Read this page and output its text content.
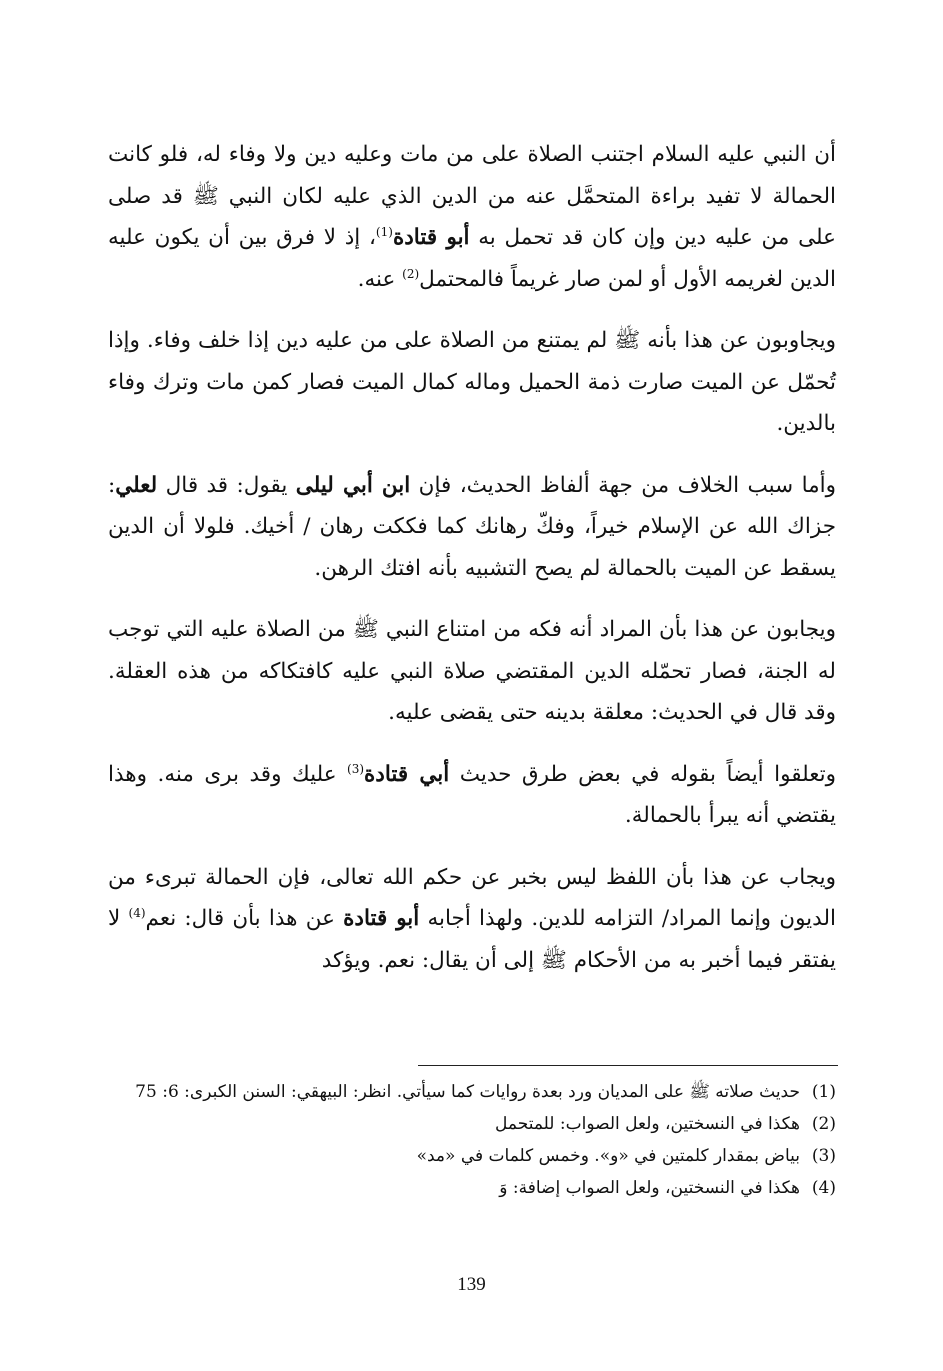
أن النبي عليه السلام اجتنب الصلاة على من مات وعليه دين ولا وفاء له، فلو كانت الحمالة لا تفيد براءة المتحمَّل عنه من الدين الذي عليه لكان النبي ﷺ قد صلى على من عليه دين وإن كان قد تحمل به أبو قتادة$^{(1)}$، إذ لا فرق بين أن يكون عليه الدين لغريمه الأول أو لمن صار غريماً فالمحتمل$^{(2)}$ عنه.

ويجاوبون عن هذا بأنه ﷺ لم يمتنع من الصلاة على من عليه دين إذا خلف وفاء. وإذا تُحمّل عن الميت صارت ذمة الحميل وماله كمال الميت فصار كمن مات وترك وفاء بالدين.

وأما سبب الخلاف من جهة ألفاظ الحديث، فإن ابن أبي ليلى يقول: قد قال لعلي: جزاك الله عن الإسلام خيراً، وفكّ رهانك كما فككت رهان / أخيك. فلولا أن الدين يسقط عن الميت بالحمالة لم يصح التشبيه بأنه افتك الرهن.

ويجابون عن هذا بأن المراد أنه فكه من امتناع النبي ﷺ من الصلاة عليه التي توجب له الجنة، فصار تحمّله الدين المقتضي صلاة النبي عليه كافتكاكه من هذه العقلة. وقد قال في الحديث: معلقة بدينه حتى يقضى عليه.

وتعلقوا أيضاً بقوله في بعض طرق حديث أبي قتادة$^{(3)}$ عليك وقد برى منه. وهذا يقتضي أنه يبرأ بالحمالة.

ويجاب عن هذا بأن اللفظ ليس بخبر عن حكم الله تعالى، فإن الحمالة تبرىء من الديون وإنما المراد/ التزامه للدين. ولهذا أجابه أبو قتادة عن هذا بأن قال: نعم$^{(4)}$ لا يفتقر فيما أخبر به من الأحكام ﷺ إلى أن يقال: نعم. ويؤكد

(1)
حديث صلاته ﷺ على المديان ورد بعدة روايات كما سيأتي. انظر: البيهقي: السنن الكبرى: 6: 75
(2)
هكذا في النسختين، ولعل الصواب: للمتحمل
(3)
بياض بمقدار كلمتين في «و». وخمس كلمات في «مد»
(4)
هكذا في النسختين، ولعل الصواب إضافة: وَ
139
